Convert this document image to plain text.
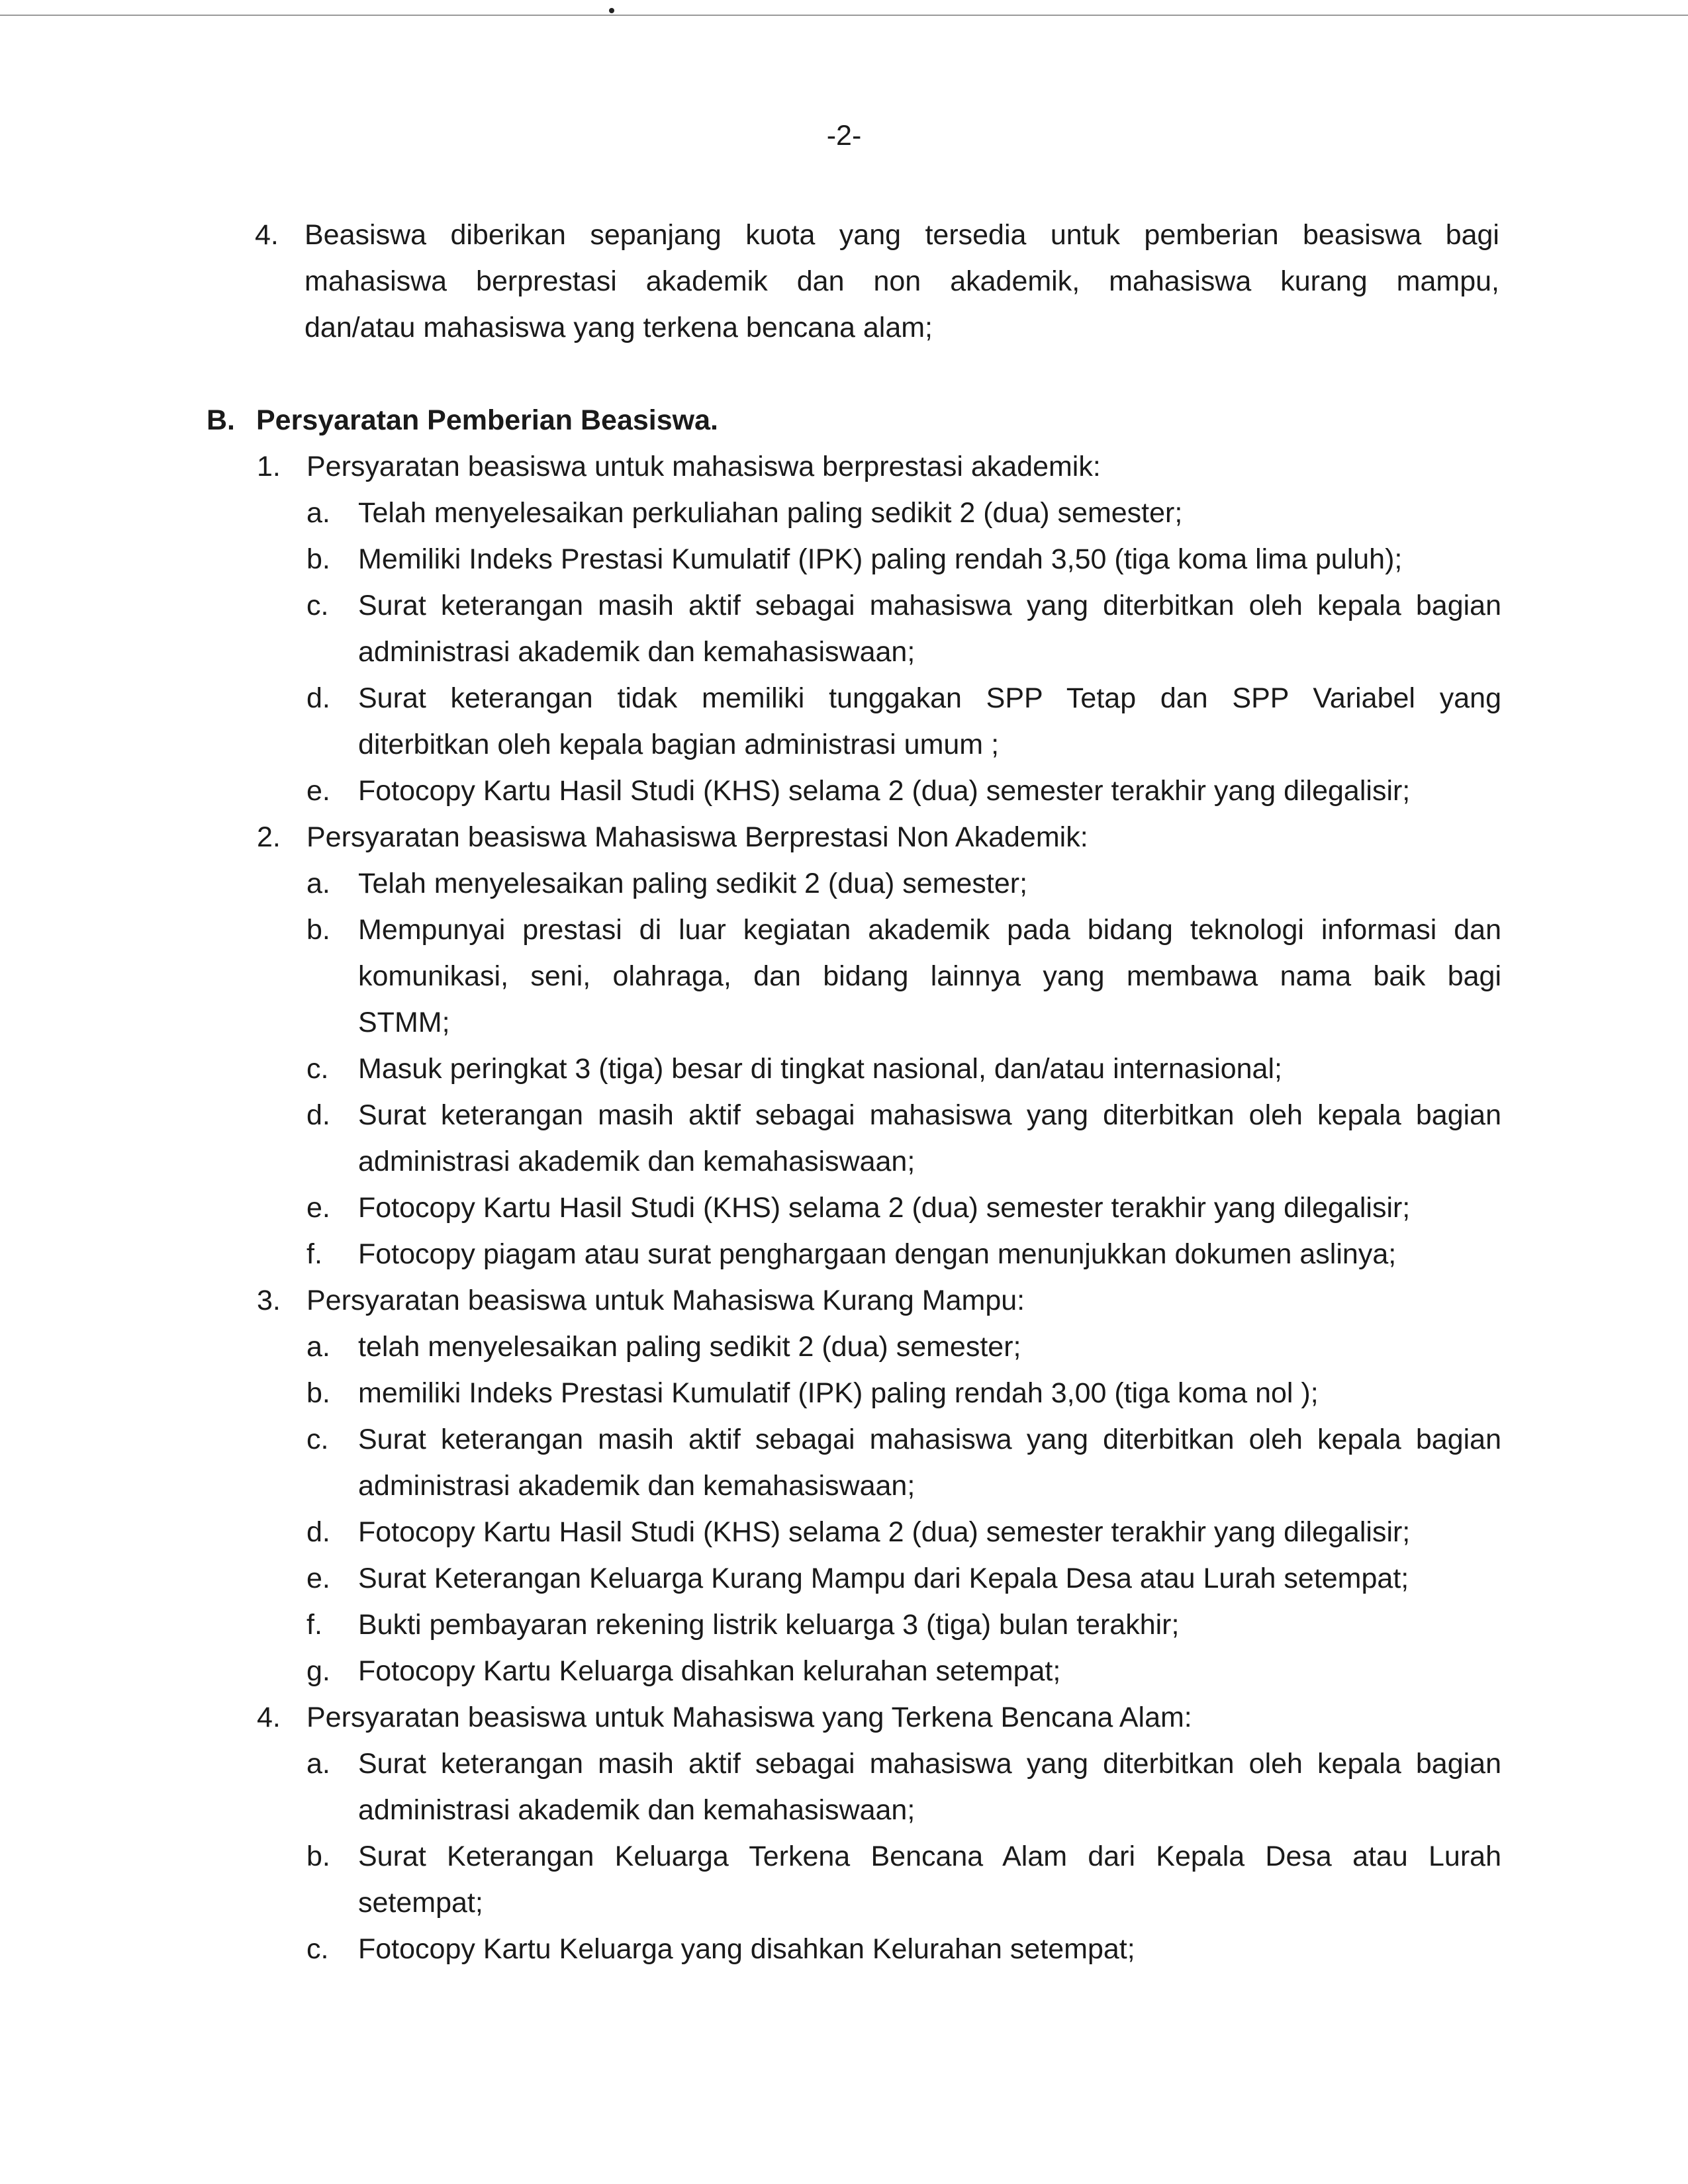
-2-
4. Beasiswa diberikan sepanjang kuota yang tersedia untuk pemberian beasiswa bagi
mahasiswa berprestasi akademik dan non akademik, mahasiswa kurang mampu,
dan/atau mahasiswa yang terkena bencana alam;
B. Persyaratan Pemberian Beasiswa.
1. Persyaratan beasiswa untuk mahasiswa berprestasi akademik:
a. Telah menyelesaikan perkuliahan paling sedikit 2 (dua) semester;
b. Memiliki Indeks Prestasi Kumulatif (IPK) paling rendah 3,50 (tiga koma lima puluh);
c. Surat keterangan masih aktif sebagai mahasiswa yang diterbitkan oleh kepala bagian
administrasi akademik dan kemahasiswaan;
d. Surat keterangan tidak memiliki tunggakan SPP Tetap dan SPP Variabel yang
diterbitkan oleh kepala bagian administrasi umum ;
e. Fotocopy Kartu Hasil Studi (KHS) selama 2 (dua) semester terakhir yang dilegalisir;
2. Persyaratan beasiswa Mahasiswa Berprestasi Non Akademik:
a. Telah menyelesaikan paling sedikit 2 (dua) semester;
b. Mempunyai prestasi di luar kegiatan akademik pada bidang teknologi informasi dan
komunikasi, seni, olahraga, dan bidang lainnya yang membawa nama baik bagi
STMM;
c. Masuk peringkat 3 (tiga) besar di tingkat nasional, dan/atau internasional;
d. Surat keterangan masih aktif sebagai mahasiswa yang diterbitkan oleh kepala bagian
administrasi akademik dan kemahasiswaan;
e. Fotocopy Kartu Hasil Studi (KHS) selama 2 (dua) semester terakhir yang dilegalisir;
f. Fotocopy piagam atau surat penghargaan dengan menunjukkan dokumen aslinya;
3. Persyaratan beasiswa untuk Mahasiswa Kurang Mampu:
a. telah menyelesaikan paling sedikit 2 (dua) semester;
b. memiliki Indeks Prestasi Kumulatif (IPK) paling rendah 3,00 (tiga koma nol );
c. Surat keterangan masih aktif sebagai mahasiswa yang diterbitkan oleh kepala bagian
administrasi akademik dan kemahasiswaan;
d. Fotocopy Kartu Hasil Studi (KHS) selama 2 (dua) semester terakhir yang dilegalisir;
e. Surat Keterangan Keluarga Kurang Mampu dari Kepala Desa atau Lurah setempat;
f. Bukti pembayaran rekening listrik keluarga 3 (tiga) bulan terakhir;
g. Fotocopy Kartu Keluarga disahkan kelurahan setempat;
4. Persyaratan beasiswa untuk Mahasiswa yang Terkena Bencana Alam:
a. Surat keterangan masih aktif sebagai mahasiswa yang diterbitkan oleh kepala bagian
administrasi akademik dan kemahasiswaan;
b. Surat Keterangan Keluarga Terkena Bencana Alam dari Kepala Desa atau Lurah
setempat;
c. Fotocopy Kartu Keluarga yang disahkan Kelurahan setempat;
